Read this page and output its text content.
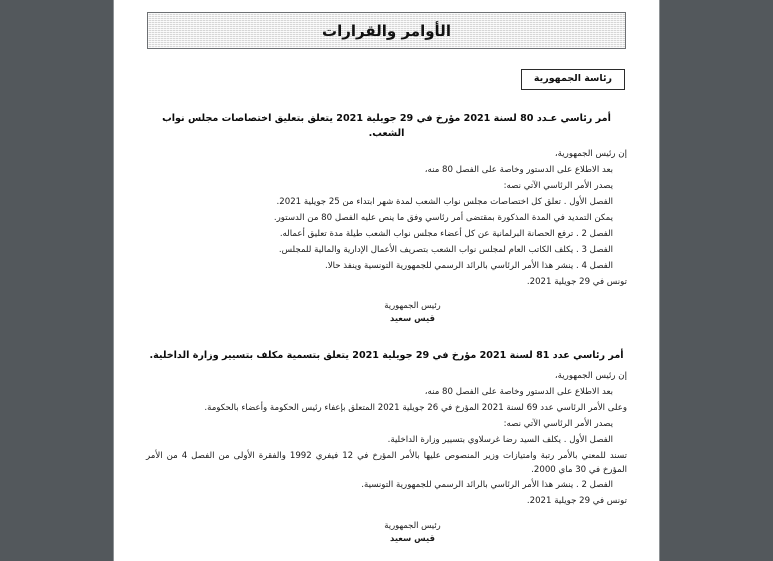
الأوامر والقرارات
رئاسة الجمهورية
أمر رئاسي عـدد 80 لسنة 2021 مؤرخ في 29 جويلية 2021 يتعلق بتعليق اختصاصات مجلس نواب الشعب.

إن رئيس الجمهورية،

بعد الاطلاع على الدستور وخاصة على الفصل 80 منه،

يصدر الأمر الرئاسي الآتي نصه:

الفصل الأول . تعلق كل اختصاصات مجلس نواب الشعب لمدة شهر ابتداء من 25 جويلية 2021.

يمكن التمديد في المدة المذكورة بمقتضى أمر رئاسي وفق ما ينص عليه الفصل 80 من الدستور.

الفصل 2 . ترفع الحصانة البرلمانية عن كل أعضاء مجلس نواب الشعب طيلة مدة تعليق أعماله.

الفصل 3 . يكلف الكاتب العام لمجلس نواب الشعب بتصريف الأعمال الإدارية والمالية للمجلس.

الفصل 4 . ينشر هذا الأمر الرئاسي بالرائد الرسمي للجمهورية التونسية وينفذ حالا.

تونس في 29 جويلية 2021.

رئيس الجمهورية
قيس سعيد
أمر رئاسي عدد 81 لسنة 2021 مؤرخ في 29 جويلية 2021 يتعلق بتسمية مكلف بتسيير وزارة الداخلية.

إن رئيس الجمهورية،

بعد الاطلاع على الدستور وخاصة على الفصل 80 منه،

وعلى الأمر الرئاسي عدد 69 لسنة 2021 المؤرخ في 26 جويلية 2021 المتعلق بإعفاء رئيس الحكومة وأعضاء بالحكومة.

يصدر الأمر الرئاسي الآتي نصه:

الفصل الأول . يكلف السيد رضا غرسلاوي بتسيير وزارة الداخلية.

تسند للمعني بالأمر رتبة وامتيازات وزير المنصوص عليها بالأمر المؤرخ في 12 فيفري 1992 والفقرة الأولى من الفصل 4 من الأمر المؤرخ في 30 ماي 2000.

الفصل 2 . ينشر هذا الأمر الرئاسي بالرائد الرسمي للجمهورية التونسية.

تونس في 29 جويلية 2021.

رئيس الجمهورية
قيس سعيد
